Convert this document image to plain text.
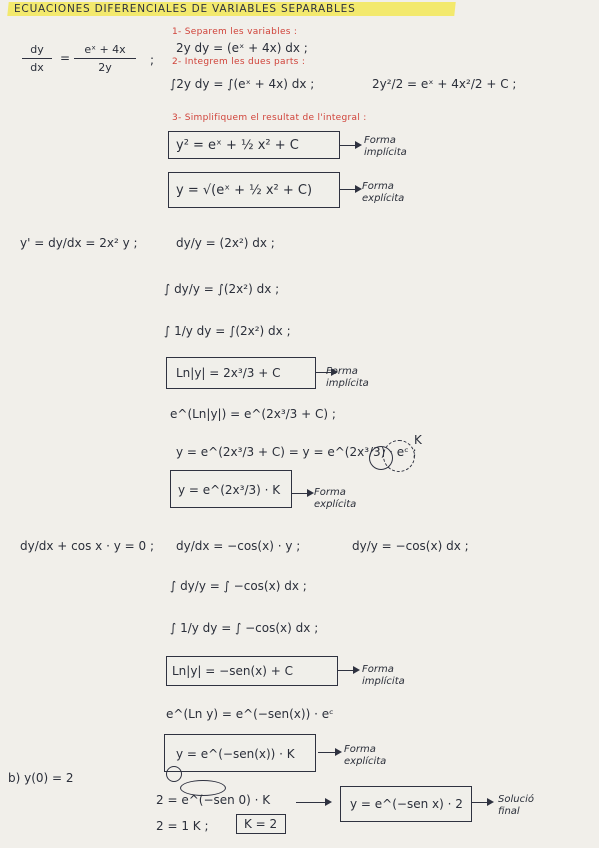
ECUACIONES DIFERENCIALES DE VARIABLES SEPARABLES
dy
dx
=
eˣ + 4x
2y
;
1- Separem les variables :
2y dy = (eˣ + 4x) dx ;
2- Integrem les dues parts :
∫2y dy = ∫(eˣ + 4x) dx ;	2y²/2 = eˣ + 4x²/2 + C ;
3- Simplifiquem el resultat de l'integral :
y² = eˣ + ½ x² + C	Forma implícita
y = √(eˣ + ½ x² + C)	Forma explícita
y' = dy/dx = 2x² y ;	dy/y = (2x²) dx ;
∫ dy/y = ∫(2x²) dx ;
∫ 1/y dy = ∫(2x²) dx ;
Ln|y| = 2x³/3 + C	Forma implícita
e^(Ln|y|) = e^(2x³/3 + C) ;
y = e^(2x³/3 + C) = y = e^(2x³/3) · eᶜ ;
K
y = e^(2x³/3) · K	Forma explícita
dy/dx + cos x · y = 0 ; dy/dx = −cos(x) · y ;	dy/y = −cos(x) dx ;
∫ dy/y = ∫ −cos(x) dx ;
∫ 1/y dy = ∫ −cos(x) dx ;
Ln|y| = −sen(x) + C	Forma implícita
e^(Ln y) = e^(−sen(x)) · eᶜ
y = e^(−sen(x)) · K	Forma explícita
b) y(0) = 2
2 = e^(−sen 0) · K
2 = 1 K ;	K = 2
y = e^(−sen x) · 2	Solució final
